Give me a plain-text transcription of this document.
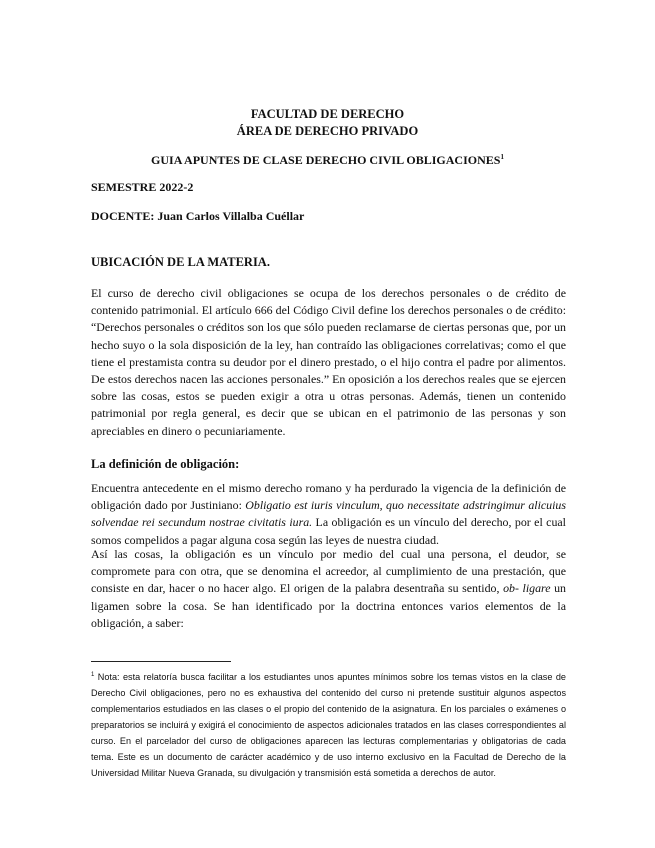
FACULTAD DE DERECHO
ÁREA DE DERECHO PRIVADO
GUIA APUNTES DE CLASE DERECHO CIVIL OBLIGACIONES$^1$
SEMESTRE 2022-2
DOCENTE: Juan Carlos Villalba Cuéllar
UBICACIÓN DE LA MATERIA.

El curso de derecho civil obligaciones se ocupa de los derechos personales o de crédito de contenido patrimonial. El artículo 666 del Código Civil define los derechos personales o de crédito: “Derechos personales o créditos son los que sólo pueden reclamarse de ciertas personas que, por un hecho suyo o la sola disposición de la ley, han contraído las obligaciones correlativas; como el que tiene el prestamista contra su deudor por el dinero prestado, o el hijo contra el padre por alimentos. De estos derechos nacen las acciones personales.” En oposición a los derechos reales que se ejercen sobre las cosas, estos se pueden exigir a otra u otras personas. Además, tienen un contenido patrimonial por regla general, es decir que se ubican en el patrimonio de las personas y son apreciables en dinero o pecuniariamente.

La definición de obligación:

Encuentra antecedente en el mismo derecho romano y ha perdurado la vigencia de la definición de obligación dado por Justiniano: Obligatio est iuris vinculum, quo necessitate adstringimur alicuius solvendae rei secundum nostrae civitatis iura. La obligación es un vínculo del derecho, por el cual somos compelidos a pagar alguna cosa según las leyes de nuestra ciudad.

Así las cosas, la obligación es un vínculo por medio del cual una persona, el deudor, se compromete para con otra, que se denomina el acreedor, al cumplimiento de una prestación, que consiste en dar, hacer o no hacer algo. El origen de la palabra desentraña su sentido, ob- ligare un ligamen sobre la cosa. Se han identificado por la doctrina entonces varios elementos de la obligación, a saber:

$^1$ Nota: esta relatoría busca facilitar a los estudiantes unos apuntes mínimos sobre los temas vistos en la clase de Derecho Civil obligaciones, pero no es exhaustiva del contenido del curso ni pretende sustituir algunos aspectos complementarios estudiados en las clases o el propio del contenido de la asignatura. En los parciales o exámenes o preparatorios se incluirá y exigirá el conocimiento de aspectos adicionales tratados en las clases correspondientes al curso. En el parcelador del curso de obligaciones aparecen las lecturas complementarias y obligatorias de cada tema. Este es un documento de carácter académico y de uso interno exclusivo en la Facultad de Derecho de la Universidad Militar Nueva Granada, su divulgación y transmisión está sometida a derechos de autor.
